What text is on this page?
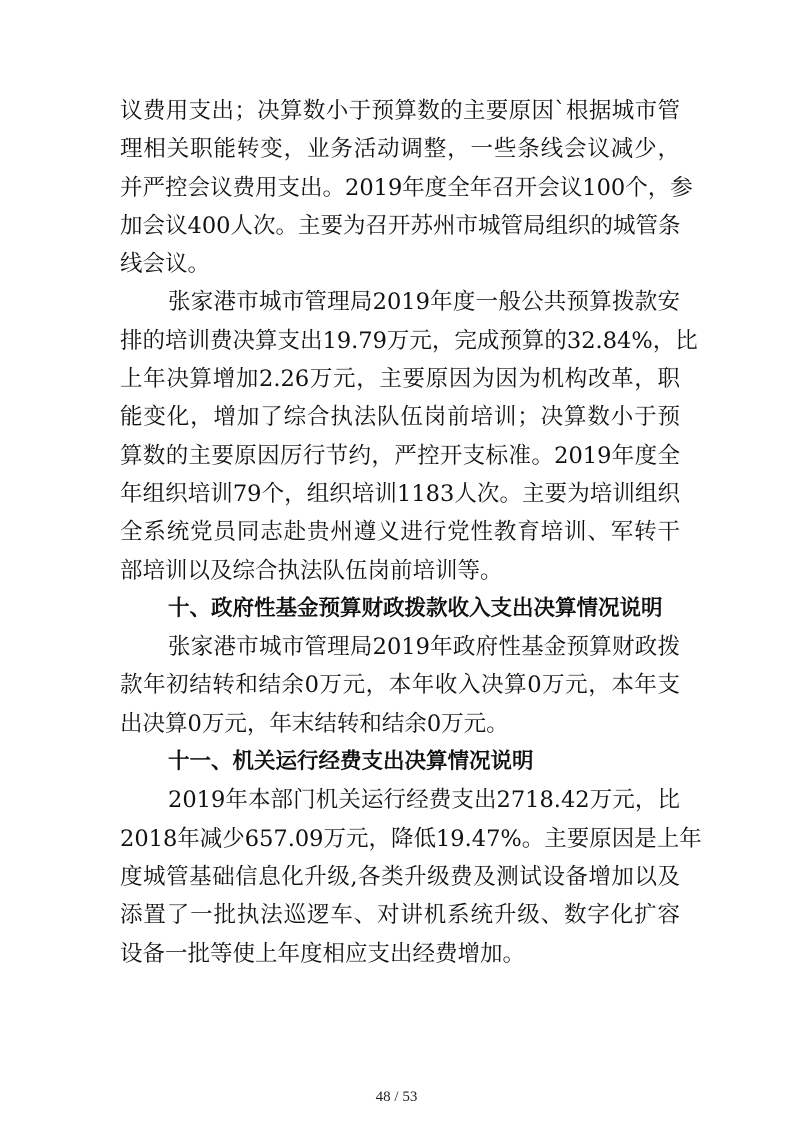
议费用支出；决算数小于预算数的主要原因`根据城市管
理相关职能转变，业务活动调整，一些条线会议减少，
并严控会议费用支出。2019年度全年召开会议100个，参
加会议400人次。主要为召开苏州市城管局组织的城管条
线会议。
张家港市城市管理局2019年度一般公共预算拨款安
排的培训费决算支出19.79万元，完成预算的32.84%，比
上年决算增加2.26万元，主要原因为因为机构改革，职
能变化，增加了综合执法队伍岗前培训；决算数小于预
算数的主要原因厉行节约，严控开支标准。2019年度全
年组织培训79个，组织培训1183人次。主要为培训组织
全系统党员同志赴贵州遵义进行党性教育培训、军转干
部培训以及综合执法队伍岗前培训等。
十、政府性基金预算财政拨款收入支出决算情况说明
张家港市城市管理局2019年政府性基金预算财政拨
款年初结转和结余0万元，本年收入决算0万元，本年支
出决算0万元，年末结转和结余0万元。
十一、机关运行经费支出决算情况说明
2019年本部门机关运行经费支出2718.42万元，比
2018年减少657.09万元，降低19.47%。主要原因是上年
度城管基础信息化升级,各类升级费及测试设备增加以及
添置了一批执法巡逻车、对讲机系统升级、数字化扩容
设备一批等使上年度相应支出经费增加。
48 / 53
